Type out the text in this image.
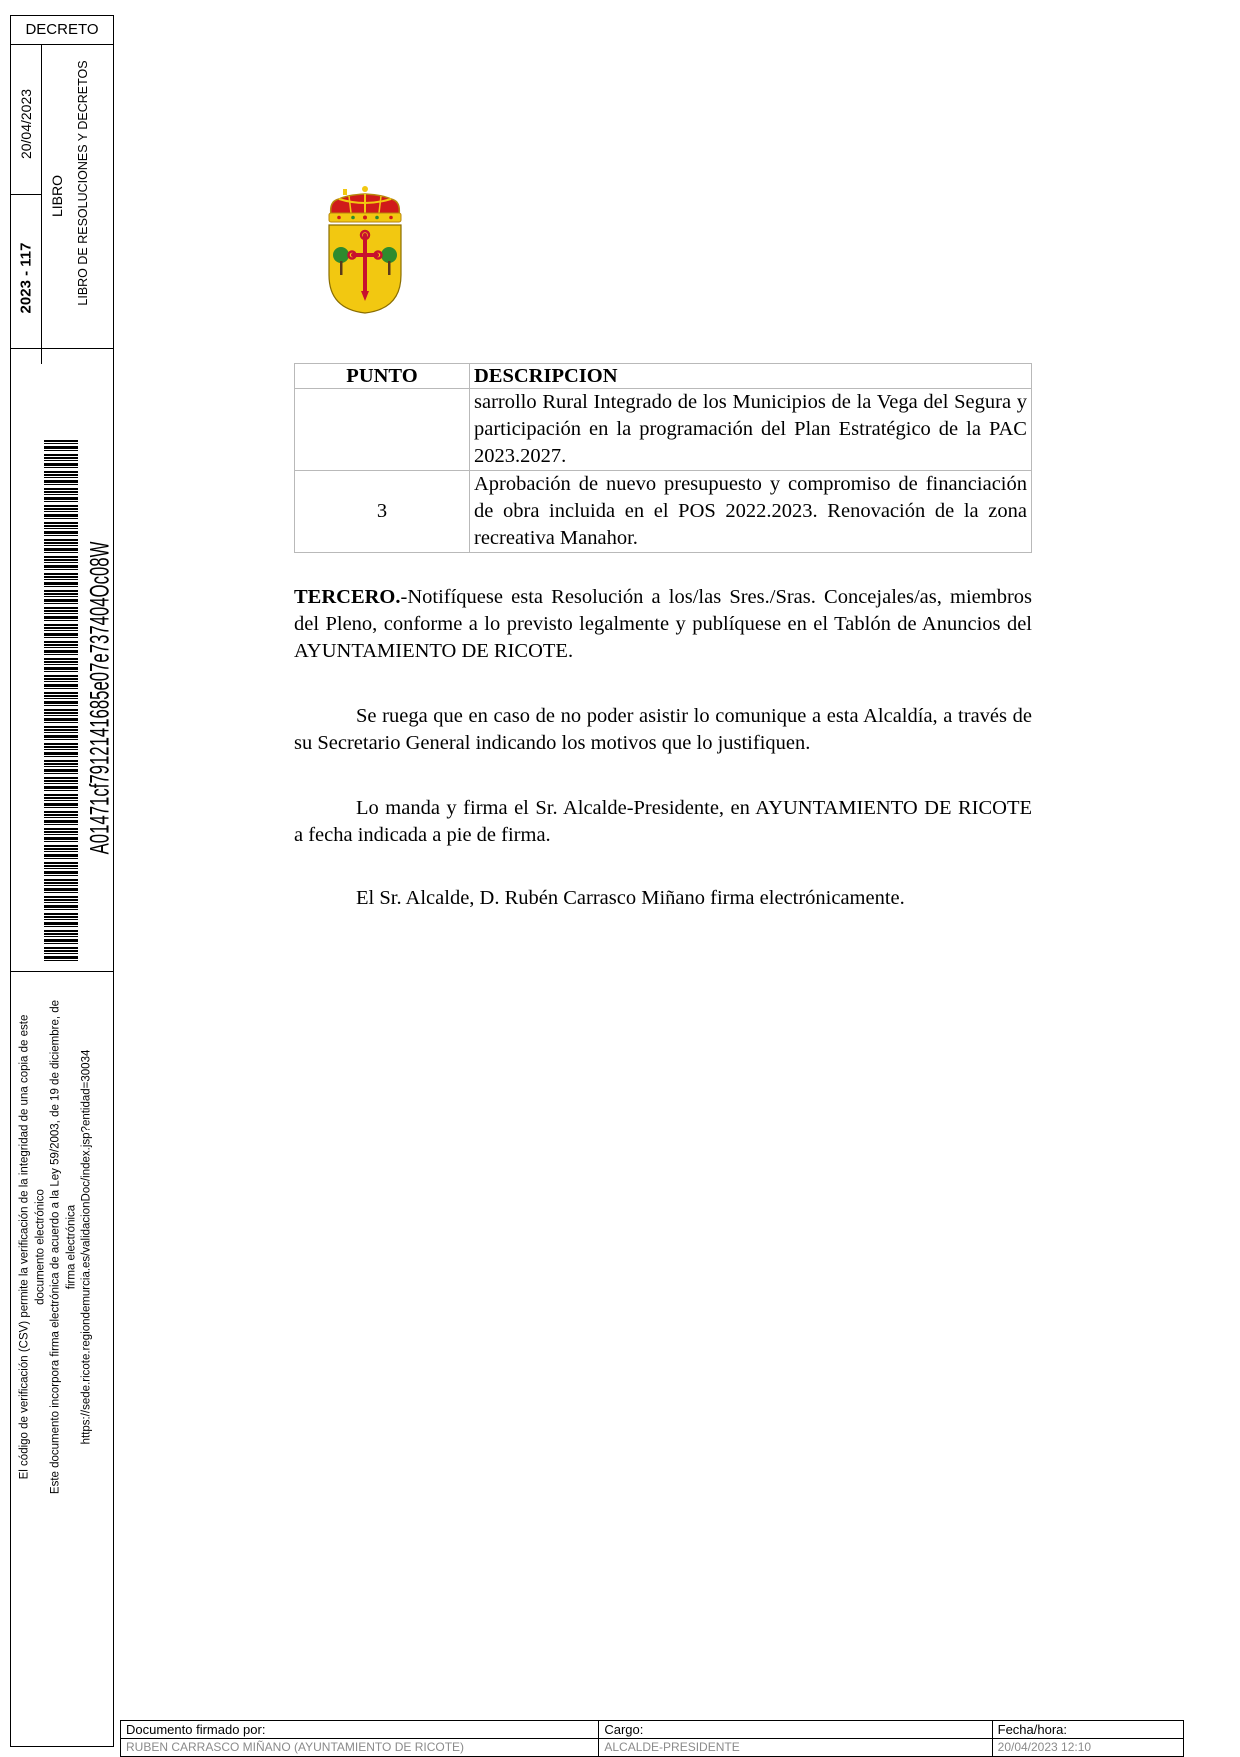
DECRETO
20/04/2023
2023 - 117
LIBRO LIBRO DE RESOLUCIONES Y DECRETOS
A01471cf7912141685e07e737404Oc08W
El código de verificación (CSV) permite la verificación de la integridad de una copia de este documento electrónico Este documento incorpora firma electrónica de acuerdo a la Ley 59/2003, de 19 de diciembre, de firma electrónica https://sede.ricote.regiondemurcia.es/validacionDoc/index.jsp?entidad=30034
PUNTO	DESCRIPCION
	sarrollo Rural Integrado de los Municipios de la Vega del Segura y participación en la programación del Plan Estratégico de la PAC 2023.2027.
3	Aprobación de nuevo presupuesto y compromiso de financiación de obra incluida en el POS 2022.2023. Renovación de la zona recreativa Manahor.
TERCERO.-Notifíquese esta Resolución a los/las Sres./Sras. Concejales/as, miembros del Pleno, conforme a lo previsto legalmente y publíquese en el Tablón de Anuncios del AYUNTAMIENTO DE RICOTE.
Se ruega que en caso de no poder asistir lo comunique a esta Alcaldía, a través de su Secretario General indicando los motivos que lo justifiquen.
Lo manda y firma el Sr. Alcalde-Presidente, en AYUNTAMIENTO DE RICOTE a fecha indicada a pie de firma.
El Sr. Alcalde, D. Rubén Carrasco Miñano firma electrónicamente.
Documento firmado por:	Cargo:	Fecha/hora:
RUBEN CARRASCO MIÑANO (AYUNTAMIENTO DE RICOTE)	ALCALDE-PRESIDENTE	20/04/2023 12:10
